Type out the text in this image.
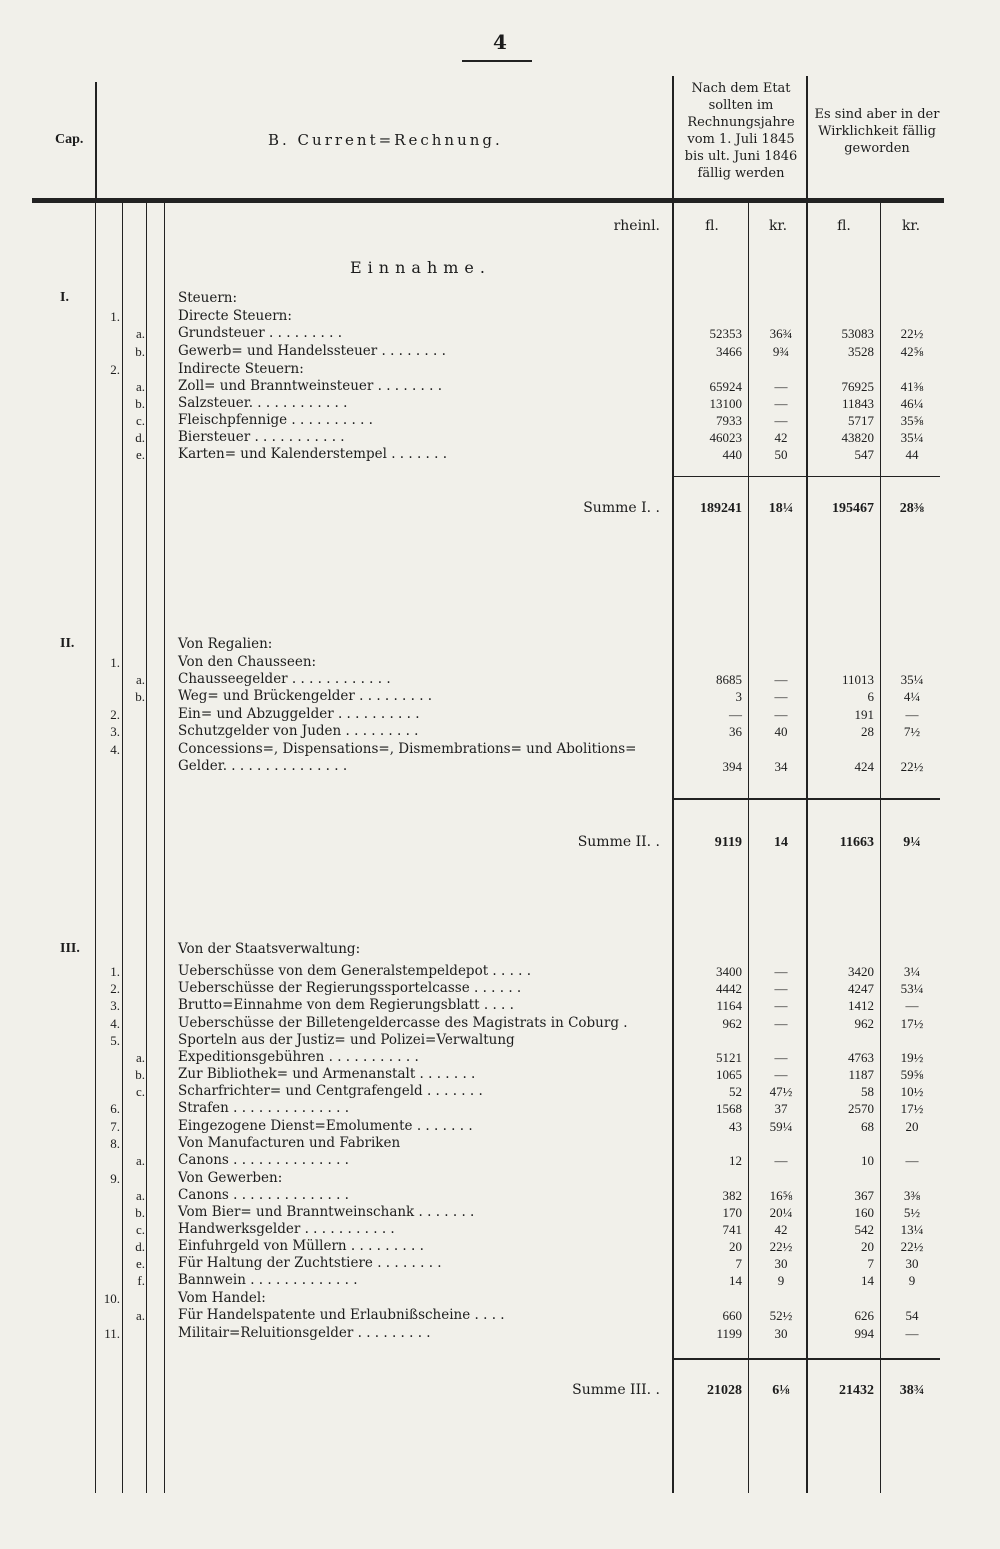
4
Cap.	B. Current=Rechnung.
Nach dem Etat sollten im Rechnungsjahre vom 1. Juli 1845 bis ult. Juni 1846 fällig werden
Es sind aber in der Wirklichkeit fällig geworden
rheinl.	fl.	kr.	fl.	kr.
Einnahme.
I.	Steuern:
1.	Directe Steuern:
a. Grundsteuer . . . . . . . . .	52353	36¾	53083	22½
b. Gewerb= und Handelssteuer . . . . . . . .	3466	9¾	3528	42⅝
2.	Indirecte Steuern:
a. Zoll= und Branntweinsteuer . . . . . . . .	65924	—	76925	41⅜
b. Salzsteuer. . . . . . . . . . . .	13100	—	11843	46¼
c. Fleischpfennige . . . . . . . . . .	7933	—	5717	35⅝
d. Biersteuer . . . . . . . . . . .	46023	42	43820	35¼
e. Karten= und Kalenderstempel . . . . . . .	440	50	547	44
Summe I. .	189241	18¼	195467	28⅜
II.	Von Regalien:
1.	Von den Chausseen:
a. Chausseegelder . . . . . . . . . . . .	8685	—	11013	35¼
b. Weg= und Brückengelder . . . . . . . . .	3	—	6	4¼
2.	Ein= und Abzuggelder . . . . . . . . . .	—	—	191	—
3.	Schutzgelder von Juden . . . . . . . . .	36	40	28	7½
4.	Concessions=, Dispensations=, Dismembrations= und Abolitions=
Gelder. . . . . . . . . . . . . . .	394	34	424	22½
Summe II. .	9119	14	11663	9¼
III.	Von der Staatsverwaltung:
1.	Ueberschüsse von dem Generalstempeldepot . . . . .	3400	—	3420	3¼
2.	Ueberschüsse der Regierungssportelcasse . . . . . .	4442	—	4247	53¼
3.	Brutto=Einnahme von dem Regierungsblatt . . . .	1164	—	1412	—
4.	Ueberschüsse der Billetengeldercasse des Magistrats in Coburg .	962	—	962	17½
5.	Sporteln aus der Justiz= und Polizei=Verwaltung
a. Expeditionsgebühren . . . . . . . . . . .	5121	—	4763	19½
b. Zur Bibliothek= und Armenanstalt . . . . . . .	1065	—	1187	59⅝
c. Scharfrichter= und Centgrafengeld . . . . . . .	52	47½	58	10½
6.	Strafen . . . . . . . . . . . . . .	1568	37	2570	17½
7.	Eingezogene Dienst=Emolumente . . . . . . .	43	59¼	68	20
8.	Von Manufacturen und Fabriken
a. Canons . . . . . . . . . . . . . .	12	—	10	—
9.	Von Gewerben:
a. Canons . . . . . . . . . . . . . .	382	16⅝	367	3⅜
b. Vom Bier= und Branntweinschank . . . . . . .	170	20¼	160	5½
c. Handwerksgelder . . . . . . . . . . .	741	42	542	13¼
d. Einfuhrgeld von Müllern . . . . . . . . .	20	22½	20	22½
e. Für Haltung der Zuchtstiere . . . . . . . .	7	30	7	30
f. Bannwein . . . . . . . . . . . . .	14	9	14	9
10.	Vom Handel:
a. Für Handelspatente und Erlaubnißscheine . . . .	660	52½	626	54
11.	Militair=Reluitionsgelder . . . . . . . . .	1199	30	994	—
Summe III. .	21028	6⅛	21432	38¾
